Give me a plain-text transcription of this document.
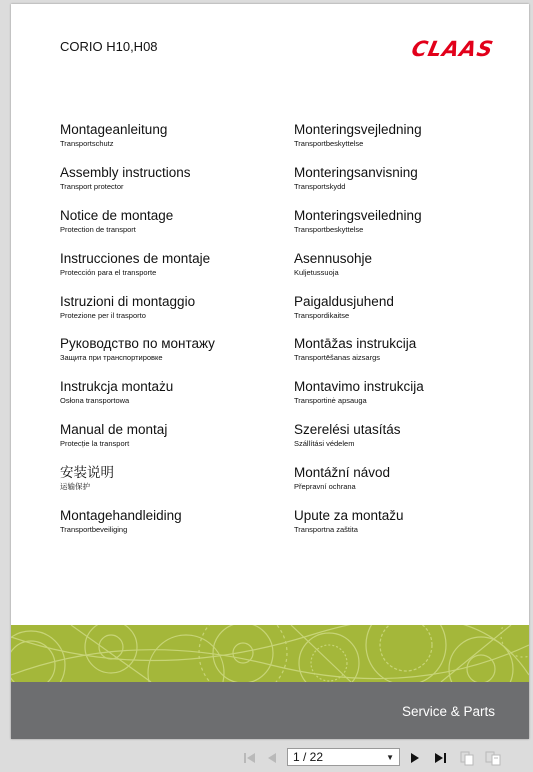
CORIO H10,H08	CLAAS
Montageanleitung
Transportschutz
Assembly instructions
Transport protector
Notice de montage
Protection de transport
Instrucciones de montaje
Protección para el transporte
Istruzioni di montaggio
Protezione per il trasporto
Руководство по монтажу
Защита при транспортировке
Instrukcja montażu
Osłona transportowa
Manual de montaj
Protecție la transport
安装说明
运输保护
Montagehandleiding
Transportbeveiliging
Monteringsvejledning
Transportbeskyttelse
Monteringsanvisning
Transportskydd
Monteringsveiledning
Transportbeskyttelse
Asennusohje
Kuljetussuoja
Paigaldusjuhend
Transpordikaitse
Montāžas instrukcija
Transportēšanas aizsargs
Montavimo instrukcija
Transportinė apsauga
Szerelési utasítás
Szállítási védelem
Montážní návod
Přepravní ochrana
Upute za montažu
Transportna zaštita
Service & Parts
1 / 22	▼
